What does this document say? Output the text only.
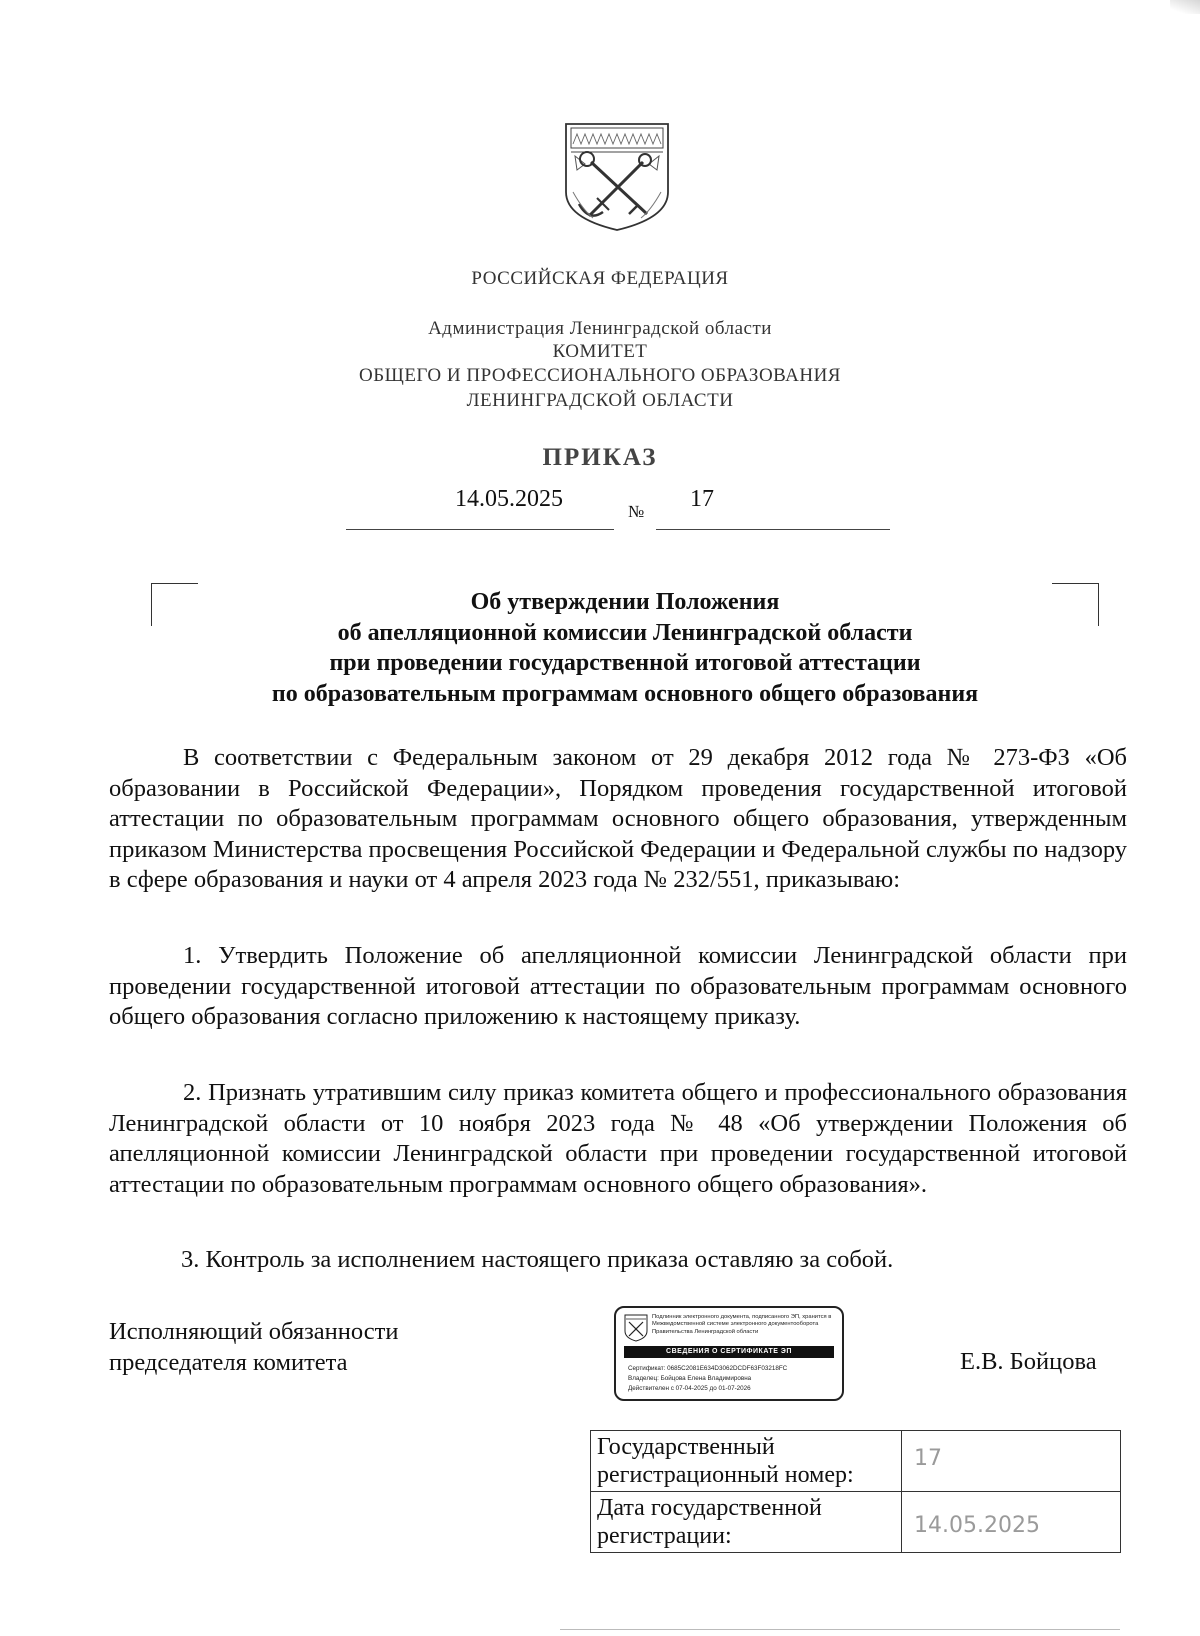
РОССИЙСКАЯ ФЕДЕРАЦИЯ
Администрация Ленинградской области
КОМИТЕТ
ОБЩЕГО И ПРОФЕССИОНАЛЬНОГО ОБРАЗОВАНИЯ
ЛЕНИНГРАДСКОЙ ОБЛАСТИ
ПРИКАЗ
14.05.2025	№ 17
Об утверждении Положения
об апелляционной комиссии Ленинградской области
при проведении государственной итоговой аттестации
по образовательным программам основного общего образования
В соответствии с Федеральным законом от 29 декабря 2012 года № 273-ФЗ «Об образовании в Российской Федерации», Порядком проведения государственной итоговой аттестации по образовательным программам основного общего образования, утвержденным приказом Министерства просвещения Российской Федерации и Федеральной службы по надзору в сфере образования и науки от 4 апреля 2023 года № 232/551, приказываю:
1. Утвердить Положение об апелляционной комиссии Ленинградской области при проведении государственной итоговой аттестации по образовательным программам основного общего образования согласно приложению к настоящему приказу.
2. Признать утратившим силу приказ комитета общего и профессионального образования Ленинградской области от 10 ноября 2023 года № 48 «Об утверждении Положения об апелляционной комиссии Ленинградской области при проведении государственной итоговой аттестации по образовательным программам основного общего образования».
3. Контроль за исполнением настоящего приказа оставляю за собой.
Исполняющий обязанности
председателя комитета
Подлинник электронного документа, подписанного ЭП, хранится в Межведомственной системе электронного документооборота Правительства Ленинградской области
СВЕДЕНИЯ О СЕРТИФИКАТЕ ЭП
Сертификат: 0685C2081E634D3062DCDF63F03218FC
Владелец: Бойцова Елена Владимировна
Действителен с 07-04-2025 до 01-07-2026
Е.В. Бойцова
Государственный регистрационный номер:	17
Дата государственной регистрации:	14.05.2025
